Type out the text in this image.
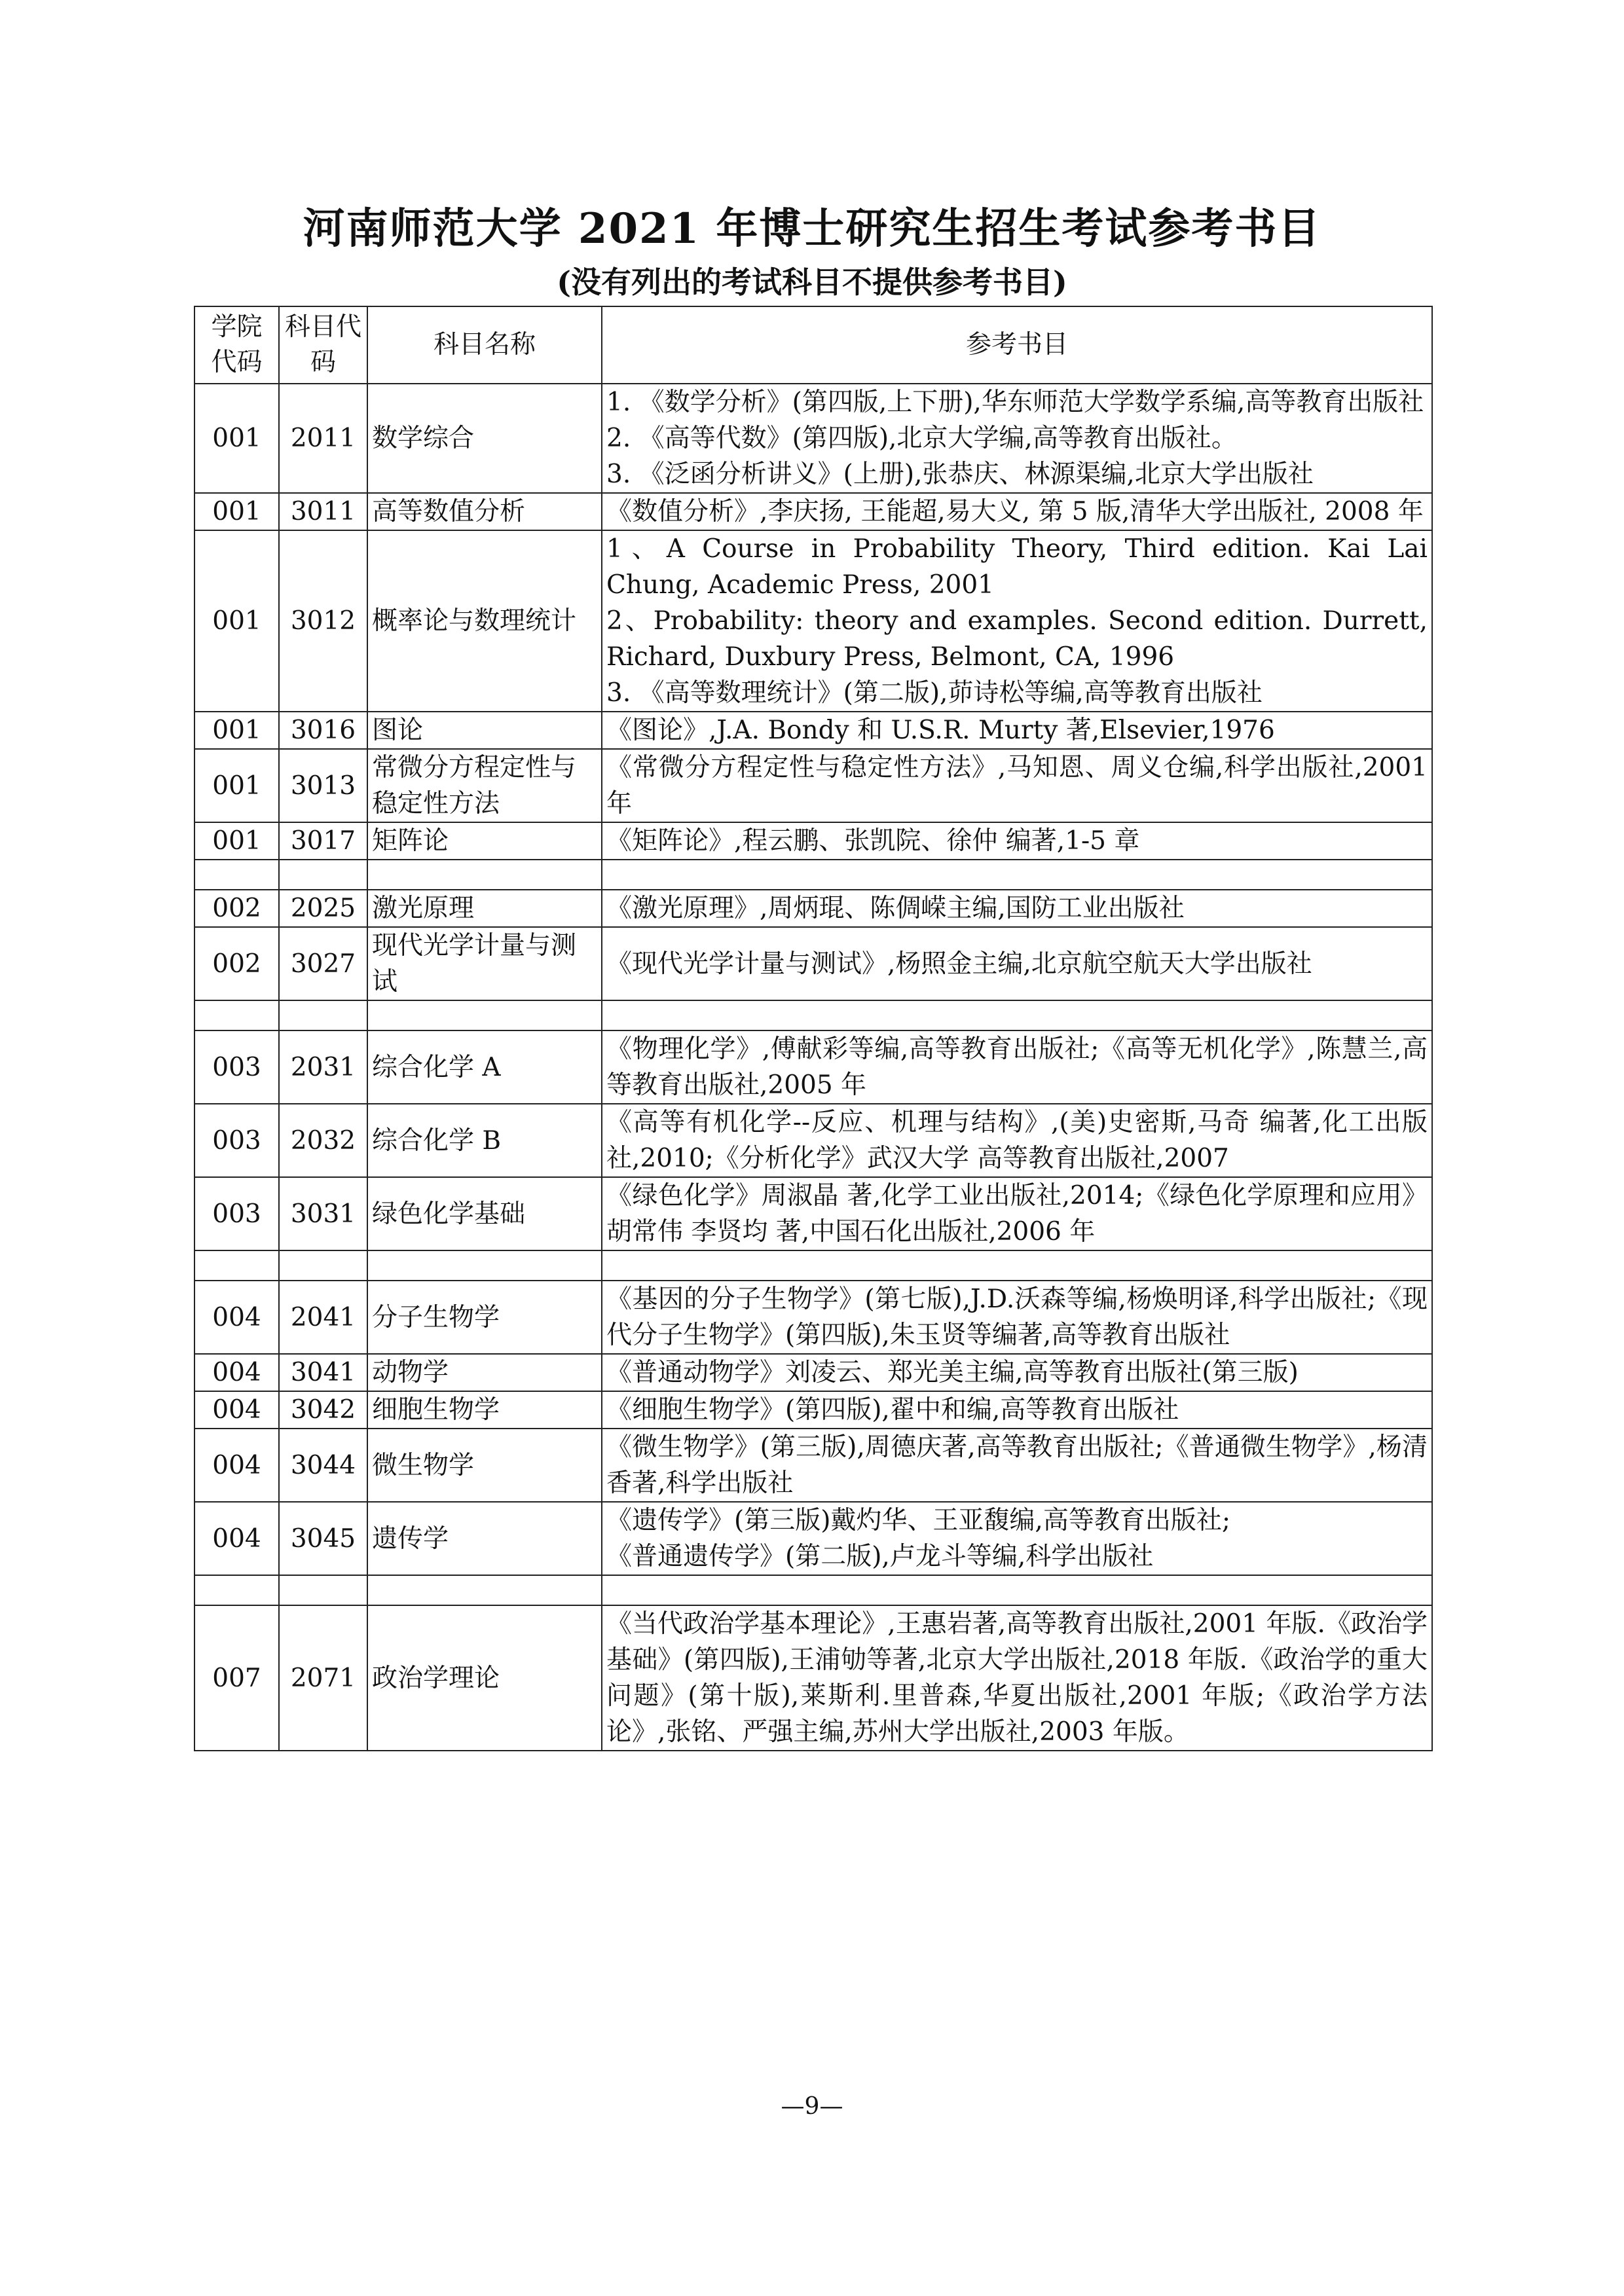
河南师范大学 2021 年博士研究生招生考试参考书目
(没有列出的考试科目不提供参考书目)
学院代码	科目代码	科目名称	参考书目
001	2011	数学综合	1. 《数学分析》(第四版,上下册),华东师范大学数学系编,高等教育出版社
2. 《高等代数》(第四版),北京大学编,高等教育出版社。
3. 《泛函分析讲义》(上册),张恭庆、林源渠编,北京大学出版社

001	3011	高等数值分析	《数值分析》,李庆扬, 王能超,易大义, 第 5 版,清华大学出版社, 2008 年

001	3012	概率论与数理统计	1、A Course in Probability Theory, Third edition. Kai Lai Chung, Academic Press, 2001
2、Probability: theory and examples. Second edition. Durrett, Richard, Duxbury Press, Belmont, CA, 1996
3. 《高等数理统计》(第二版),茆诗松等编,高等教育出版社

001	3016	图论	《图论》,J.A. Bondy 和 U.S.R. Murty 著,Elsevier,1976

001	3013	常微分方程定性与稳定性方法	《常微分方程定性与稳定性方法》,马知恩、周义仓编,科学出版社,2001 年

001	3017	矩阵论	《矩阵论》,程云鹏、张凯院、徐仲 编著,1-5 章

002	2025	激光原理	《激光原理》,周炳琨、陈倜嵘主编,国防工业出版社

002	3027	现代光学计量与测试	《现代光学计量与测试》,杨照金主编,北京航空航天大学出版社

003	2031	综合化学 A	《物理化学》,傅献彩等编,高等教育出版社;《高等无机化学》,陈慧兰,高等教育出版社,2005 年

003	2032	综合化学 B	《高等有机化学--反应、机理与结构》,(美)史密斯,马奇 编著,化工出版社,2010;《分析化学》武汉大学 高等教育出版社,2007

003	3031	绿色化学基础	《绿色化学》周淑晶 著,化学工业出版社,2014;《绿色化学原理和应用》胡常伟 李贤均 著,中国石化出版社,2006 年

004	2041	分子生物学	《基因的分子生物学》(第七版),J.D.沃森等编,杨焕明译,科学出版社;《现代分子生物学》(第四版),朱玉贤等编著,高等教育出版社

004	3041	动物学	《普通动物学》刘凌云、郑光美主编,高等教育出版社(第三版)

004	3042	细胞生物学	《细胞生物学》(第四版),翟中和编,高等教育出版社

004	3044	微生物学	《微生物学》(第三版),周德庆著,高等教育出版社;《普通微生物学》,杨清香著,科学出版社

004	3045	遗传学	《遗传学》(第三版)戴灼华、王亚馥编,高等教育出版社;
《普通遗传学》(第二版),卢龙斗等编,科学出版社

007	2071	政治学理论	《当代政治学基本理论》,王惠岩著,高等教育出版社,2001 年版.《政治学基础》(第四版),王浦劬等著,北京大学出版社,2018 年版.《政治学的重大问题》(第十版),莱斯利.里普森,华夏出版社,2001 年版;《政治学方法论》,张铭、严强主编,苏州大学出版社,2003 年版。
—9—
